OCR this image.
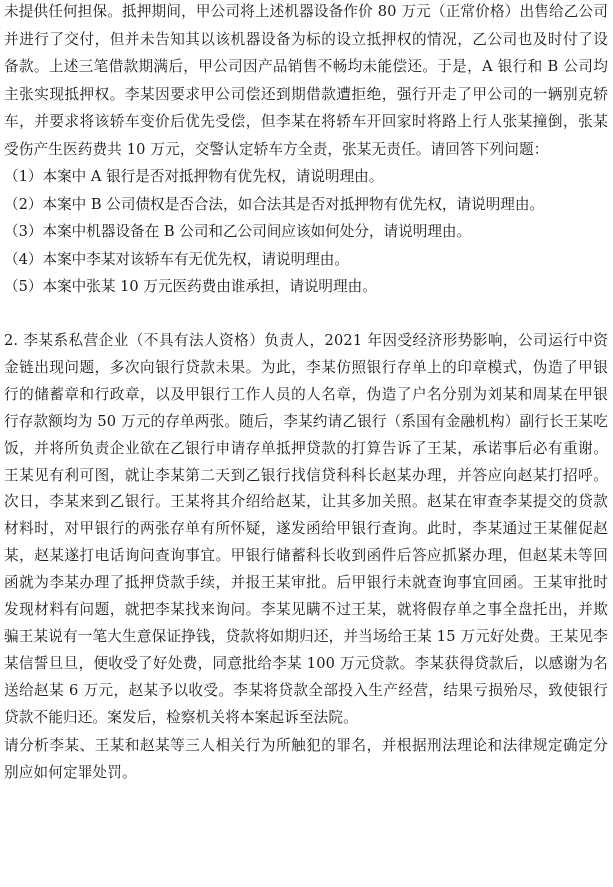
未提供任何担保。抵押期间，甲公司将上述机器设备作价 80 万元（正常价格）出售给乙公司并进行了交付，但并未告知其以该机器设备为标的设立抵押权的情况，乙公司也及时付了设备款。上述三笔借款期满后，甲公司因产品销售不畅均未能偿还。于是，A 银行和 B 公司均主张实现抵押权。李某因要求甲公司偿还到期借款遭拒绝，强行开走了甲公司的一辆别克轿车，并要求将该轿车变价后优先受偿，但李某在将轿车开回家时将路上行人张某撞倒，张某受伤产生医药费共 10 万元，交警认定轿车方全责，张某无责任。请回答下列问题：

（1）本案中 A 银行是否对抵押物有优先权，请说明理由。

（2）本案中 B 公司债权是否合法，如合法其是否对抵押物有优先权，请说明理由。

（3）本案中机器设备在 B 公司和乙公司间应该如何处分，请说明理由。

（4）本案中李某对该轿车有无优先权，请说明理由。

（5）本案中张某 10 万元医药费由谁承担，请说明理由。

2. 李某系私营企业（不具有法人资格）负责人，2021 年因受经济形势影响，公司运行中资金链出现问题，多次向银行贷款未果。为此，李某仿照银行存单上的印章模式，伪造了甲银行的储蓄章和行政章，以及甲银行工作人员的人名章，伪造了户名分别为刘某和周某在甲银行存款额均为 50 万元的存单两张。随后，李某约请乙银行（系国有金融机构）副行长王某吃饭，并将所负责企业欲在乙银行申请存单抵押贷款的打算告诉了王某，承诺事后必有重谢。王某见有利可图，就让李某第二天到乙银行找信贷科科长赵某办理，并答应向赵某打招呼。次日，李某来到乙银行。王某将其介绍给赵某，让其多加关照。赵某在审查李某提交的贷款材料时，对甲银行的两张存单有所怀疑，遂发函给甲银行查询。此时，李某通过王某催促赵某，赵某遂打电话询问查询事宜。甲银行储蓄科长收到函件后答应抓紧办理，但赵某未等回函就为李某办理了抵押贷款手续，并报王某审批。后甲银行未就查询事宜回函。王某审批时发现材料有问题，就把李某找来询问。李某见瞒不过王某，就将假存单之事全盘托出，并欺骗王某说有一笔大生意保证挣钱，贷款将如期归还，并当场给王某 15 万元好处费。王某见李某信誓旦旦，便收受了好处费，同意批给李某 100 万元贷款。李某获得贷款后，以感谢为名送给赵某 6 万元，赵某予以收受。李某将贷款全部投入生产经营，结果亏损殆尽，致使银行贷款不能归还。案发后，检察机关将本案起诉至法院。

请分析李某、王某和赵某等三人相关行为所触犯的罪名，并根据刑法理论和法律规定确定分别应如何定罪处罚。
